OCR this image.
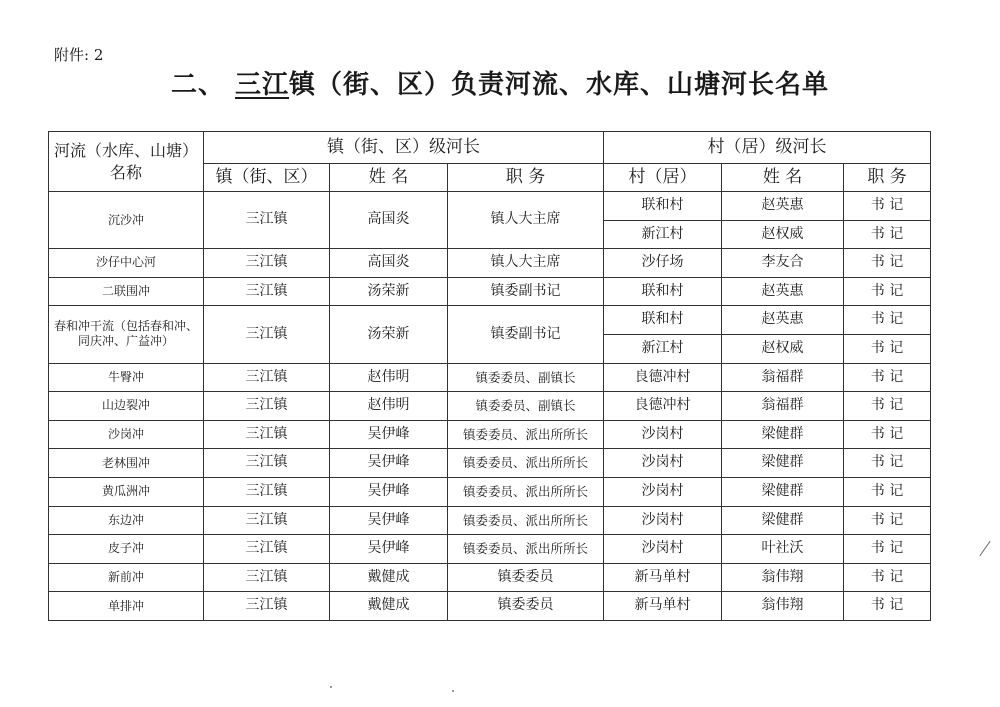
附件: 2
二、 三江镇（街、区）负责河流、水库、山塘河长名单
河流（水库、山塘）名称	镇（街、区）级河长			村（居）级河长		
	镇（街、区）	姓 名	职 务	村（居）	姓 名	职 务
沉沙冲	三江镇	高国炎	镇人大主席	联和村	赵英惠	书 记
				新江村	赵权威	书 记
沙仔中心河	三江镇	高国炎	镇人大主席	沙仔场	李友合	书 记
二联围冲	三江镇	汤荣新	镇委副书记	联和村	赵英惠	书 记
春和冲干流（包括春和冲、同庆冲、广益冲）	三江镇	汤荣新	镇委副书记	联和村	赵英惠	书 记
				新江村	赵权威	书 记
牛臀冲	三江镇	赵伟明	镇委委员、副镇长	良德冲村	翁福群	书 记
山边裂冲	三江镇	赵伟明	镇委委员、副镇长	良德冲村	翁福群	书 记
沙岗冲	三江镇	吴伊峰	镇委委员、派出所所长	沙岗村	梁健群	书 记
老林围冲	三江镇	吴伊峰	镇委委员、派出所所长	沙岗村	梁健群	书 记
黄瓜洲冲	三江镇	吴伊峰	镇委委员、派出所所长	沙岗村	梁健群	书 记
东边冲	三江镇	吴伊峰	镇委委员、派出所所长	沙岗村	梁健群	书 记
皮子冲	三江镇	吴伊峰	镇委委员、派出所所长	沙岗村	叶社沃	书 记
新前冲	三江镇	戴健成	镇委委员	新马单村	翁伟翔	书 记
单排冲	三江镇	戴健成	镇委委员	新马单村	翁伟翔	书 记
